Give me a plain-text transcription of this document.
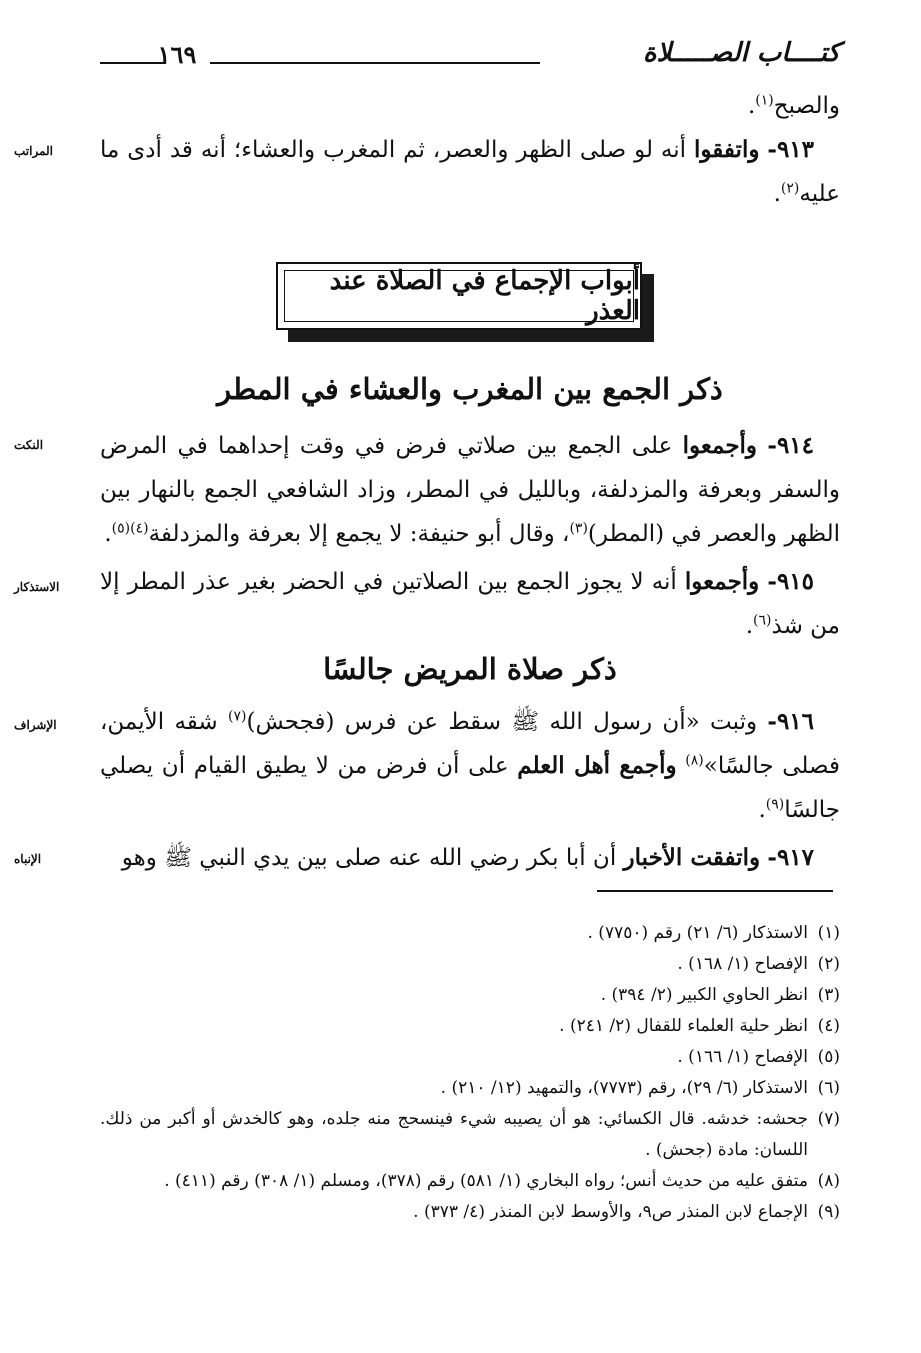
كتــــاب الصـــــلاة
١٦٩

والصبح$^{(١)}$.

٩١٣- واتفقوا أنه لو صلى الظهر والعصر، ثم المغرب والعشاء؛ أنه قد أدى ما عليه$^{(٢)}$.

المراتب
أبواب الإجماع في الصلاة عند العذر
ذكر الجمع بين المغرب والعشاء في المطر

٩١٤- وأجمعوا على الجمع بين صلاتي فرض في وقت إحداهما في المرض والسفر وبعرفة والمزدلفة، وبالليل في المطر، وزاد الشافعي الجمع بالنهار بين الظهر والعصر في (المطر)$^{(٣)}$، وقال أبو حنيفة: لا يجمع إلا بعرفة والمزدلفة$^{(٤)(٥)}$.

٩١٥- وأجمعوا أنه لا يجوز الجمع بين الصلاتين في الحضر بغير عذر المطر إلا من شذ$^{(٦)}$.

النكت
الاستذكار
ذكر صلاة المريض جالسًا

٩١٦- وثبت «أن رسول الله ﷺ سقط عن فرس (فجحش)$^{(٧)}$ شقه الأيمن، فصلى جالسًا»$^{(٨)}$ وأجمع أهل العلم على أن فرض من لا يطيق القيام أن يصلي جالسًا$^{(٩)}$.

٩١٧- واتفقت الأخبار أن أبا بكر رضي الله عنه صلى بين يدي النبي ﷺ وهو

الإشراف
الإنباه
(١)
الاستذكار (٦/ ٢١) رقم (٧٧٥٠) .
(٢)
الإفصاح (١/ ١٦٨) .
(٣)
انظر الحاوي الكبير (٢/ ٣٩٤) .
(٤)
انظر حلية العلماء للقفال (٢/ ٢٤١) .
(٥)
الإفصاح (١/ ١٦٦) .
(٦)
الاستذكار (٦/ ٢٩)، رقم (٧٧٧٣)، والتمهيد (١٢/ ٢١٠) .
(٧)
جحشه: خدشه. قال الكسائي: هو أن يصيبه شيء فينسحج منه جلده، وهو كالخدش أو أكبر من ذلك. اللسان: مادة (جحش) .
(٨)
متفق عليه من حديث أنس؛ رواه البخاري (١/ ٥٨١) رقم (٣٧٨)، ومسلم (١/ ٣٠٨) رقم (٤١١) .
(٩)
الإجماع لابن المنذر ص٩، والأوسط لابن المنذر (٤/ ٣٧٣) .
